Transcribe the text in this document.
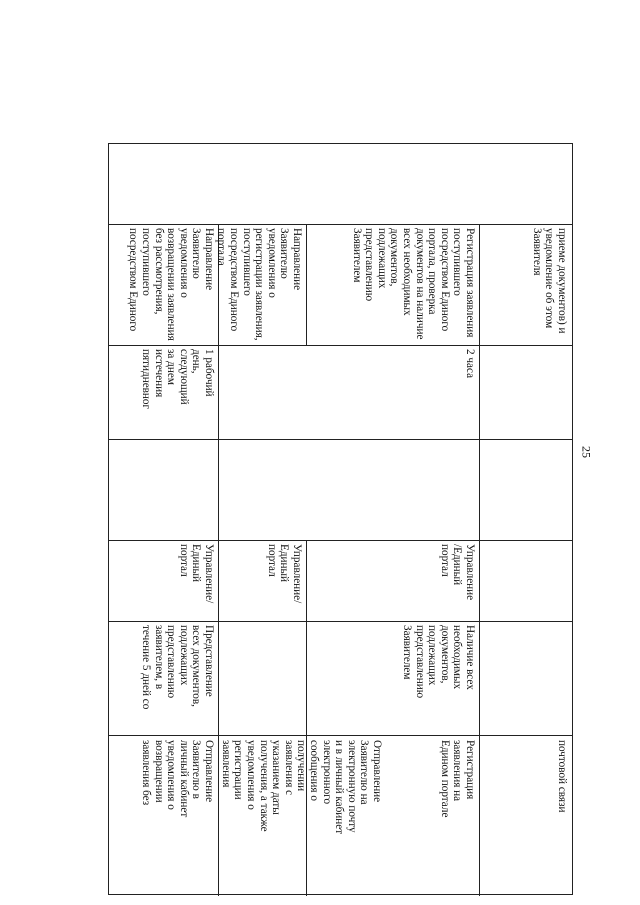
25
приеме документов) и
уведомление об этом
Заявителя
почтовой связи
Регистрация заявления
поступившего
посредством Единого
портала, проверка
документов на наличие
всех необходимых
документов,
подлежащих
представлению
Заявителем
2 часа
Управление
/Единый
портал
Наличие всех
необходимых
документов,
подлежащих
представлению
Заявителем
Регистрация
заявления на
Едином портале
Направление Заявителю
уведомления о
регистрации заявления,
поступившего
посредством Единого
портала
Управление/
Единый
портал
Отправление
Заявителю на
электронную почту
и в личный кабинет
электронного
сообщения о
получении
заявления с
указанием даты
получения, а также
уведомления о
регистрации
заявления
Направление Заявителю
уведомления о
возвращении заявления
без рассмотрения,
поступившего
посредством Единого
1 рабочий
день,
следующий
за днем
истечения
пятидневног
Управление/
Единый
портал
Представление
всех документов,
подлежащих
представлению
заявителем, в
течение 5 дней со
Отправление
Заявителю в
личный кабинет
уведомления о
возвращении
заявления без
